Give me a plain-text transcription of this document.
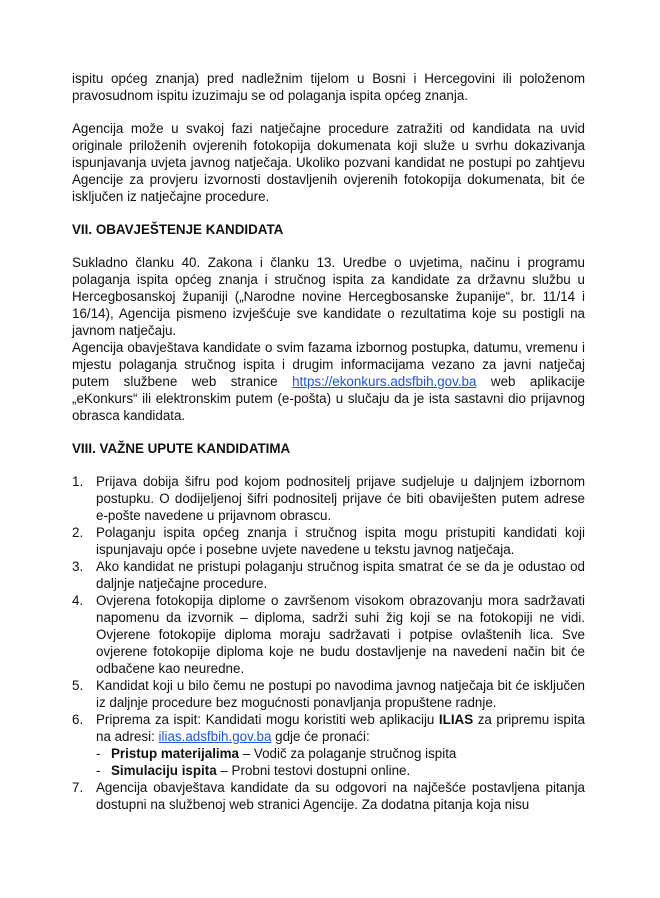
ispitu općeg znanja) pred nadležnim tijelom u Bosni i Hercegovini ili položenom pravosudnom ispitu izuzimaju se od polaganja ispita općeg znanja.

Agencija može u svakoj fazi natječajne procedure zatražiti od kandidata na uvid originale priloženih ovjerenih fotokopija dokumenata koji služe u svrhu dokazivanja ispunjavanja uvjeta javnog natječaja. Ukoliko pozvani kandidat ne postupi po zahtjevu Agencije za provjeru izvornosti dostavljenih ovjerenih fotokopija dokumenata, bit će isključen iz natječajne procedure.

VII. OBAVJEŠTENJE KANDIDATA

Sukladno članku 40. Zakona i članku 13. Uredbe o uvjetima, načinu i programu polaganja ispita općeg znanja i stručnog ispita za kandidate za državnu službu u Hercegbosanskoj županiji („Narodne novine Hercegbosanske županije“, br. 11/14 i 16/14), Agencija pismeno izvješćuje sve kandidate o rezultatima koje su postigli na javnom natječaju.

Agencija obavještava kandidate o svim fazama izbornog postupka, datumu, vremenu i mjestu polaganja stručnog ispita i drugim informacijama vezano za javni natječaj putem službene web stranice https://ekonkurs.adsfbih.gov.ba web aplikacije „eKonkurs“ ili elektronskim putem (e-pošta) u slučaju da je ista sastavni dio prijavnog obrasca kandidata.

VIII. VAŽNE UPUTE KANDIDATIMA
1. Prijava dobija šifru pod kojom podnositelj prijave sudjeluje u daljnjem izbornom postupku. O dodijeljenoj šifri podnositelj prijave će biti obaviješten putem adrese e-pošte navedene u prijavnom obrascu.
2. Polaganju ispita općeg znanja i stručnog ispita mogu pristupiti kandidati koji ispunjavaju opće i posebne uvjete navedene u tekstu javnog natječaja.
3. Ako kandidat ne pristupi polaganju stručnog ispita smatrat će se da je odustao od daljnje natječajne procedure.
4. Ovjerena fotokopija diplome o završenom visokom obrazovanju mora sadržavati napomenu da izvornik – diploma, sadrži suhi žig koji se na fotokopiji ne vidi. Ovjerene fotokopije diploma moraju sadržavati i potpise ovlaštenih lica. Sve ovjerene fotokopije diploma koje ne budu dostavljenje na navedeni način bit će odbačene kao neuredne.
5. Kandidat koji u bilo čemu ne postupi po navodima javnog natječaja bit će isključen iz daljnje procedure bez mogućnosti ponavljanja propuštene radnje.
6. Priprema za ispit: Kandidati mogu koristiti web aplikaciju ILIAS za pripremu ispita na adresi: ilias.adsfbih.gov.ba gdje će pronaći:
- Pristup materijalima – Vodič za polaganje stručnog ispita
- Simulaciju ispita – Probni testovi dostupni online.
7. Agencija obavještava kandidate da su odgovori na najčešće postavljena pitanja dostupni na službenoj web stranici Agencije. Za dodatna pitanja koja nisu
